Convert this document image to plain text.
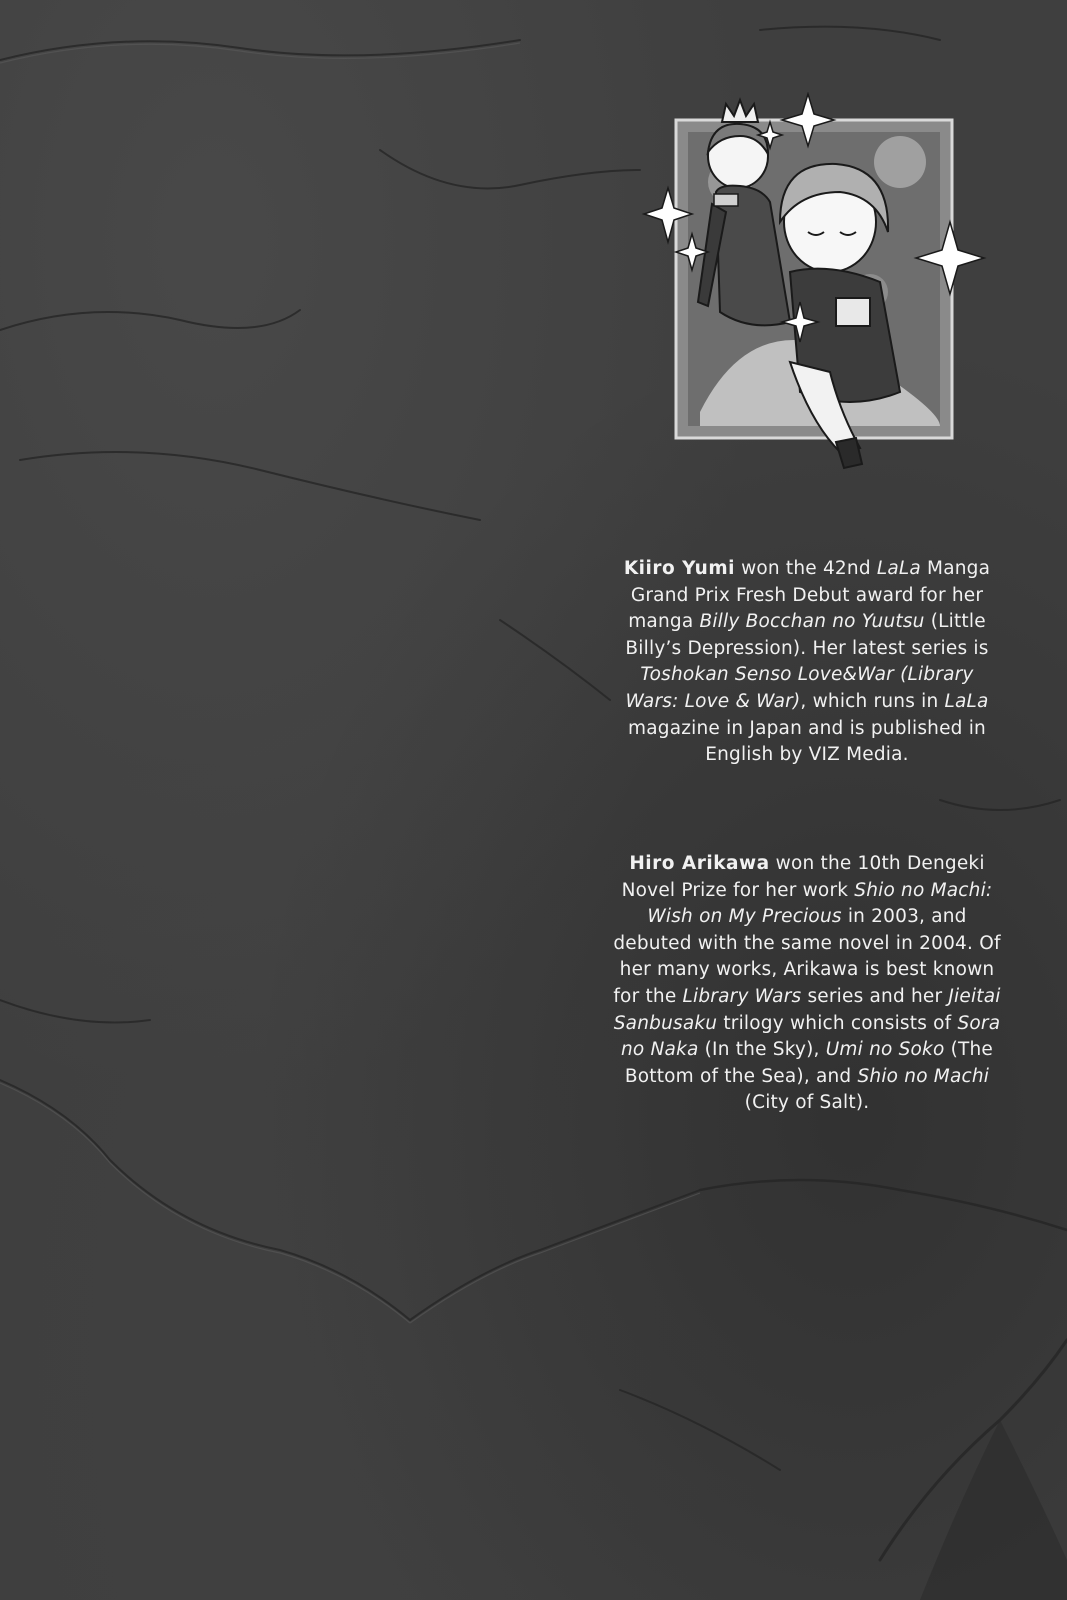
Kiiro Yumi won the 42nd LaLa Manga Grand Prix Fresh Debut award for her manga Billy Bocchan no Yuutsu (Little Billy’s Depression). Her latest series is Toshokan Senso Love&War (Library Wars: Love & War), which runs in LaLa magazine in Japan and is published in English by VIZ Media.

Hiro Arikawa won the 10th Dengeki Novel Prize for her work Shio no Machi: Wish on My Precious in 2003, and debuted with the same novel in 2004. Of her many works, Arikawa is best known for the Library Wars series and her Jieitai Sanbusaku trilogy which consists of Sora no Naka (In the Sky), Umi no Soko (The Bottom of the Sea), and Shio no Machi (City of Salt).
